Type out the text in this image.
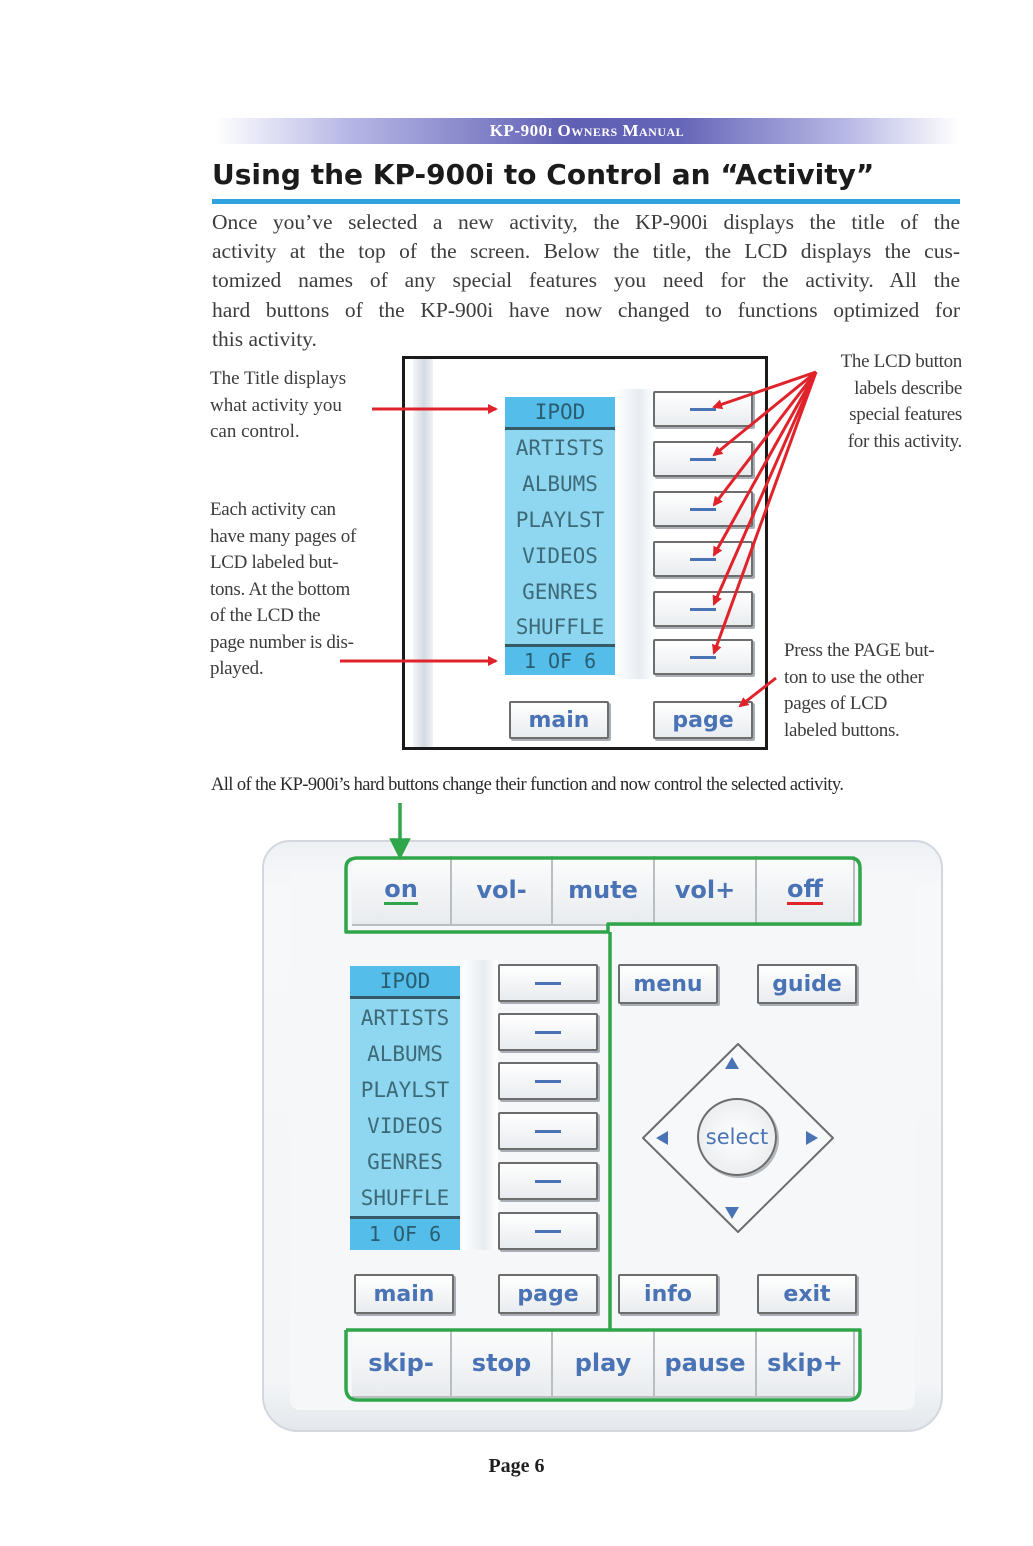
KP-900i Owners Manual
Using the KP-900i to Control an “Activity”
Once you’ve selected a new activity, the KP-900i displays the title of the
activity at the top of the screen. Below the title, the LCD displays the cus-
tomized names of any special features you need for the activity. All the
hard buttons of the KP-900i have now changed to functions optimized for
this activity.
The Title displays
what activity you
can control.
Each activity can
have many pages of
LCD labeled but-
tons. At the bottom
of the LCD the
page number is dis-
played.
The LCD button
labels describe
special features
for this activity.
Press the PAGE but-
ton to use the other
pages of LCD
labeled buttons.
IPOD
ARTISTS
ALBUMS
PLAYLST
VIDEOS
GENRES
SHUFFLE
1 OF 6
main	page
All of the KP-900i’s hard buttons change their function and now control the selected activity.
on	vol-	mute	vol+	off
IPOD
ARTISTS
ALBUMS
PLAYLST
VIDEOS
GENRES
SHUFFLE
1 OF 6
main	page
menu	guide
info	exit
select
skip-	stop	play	pause skip+
Page 6
